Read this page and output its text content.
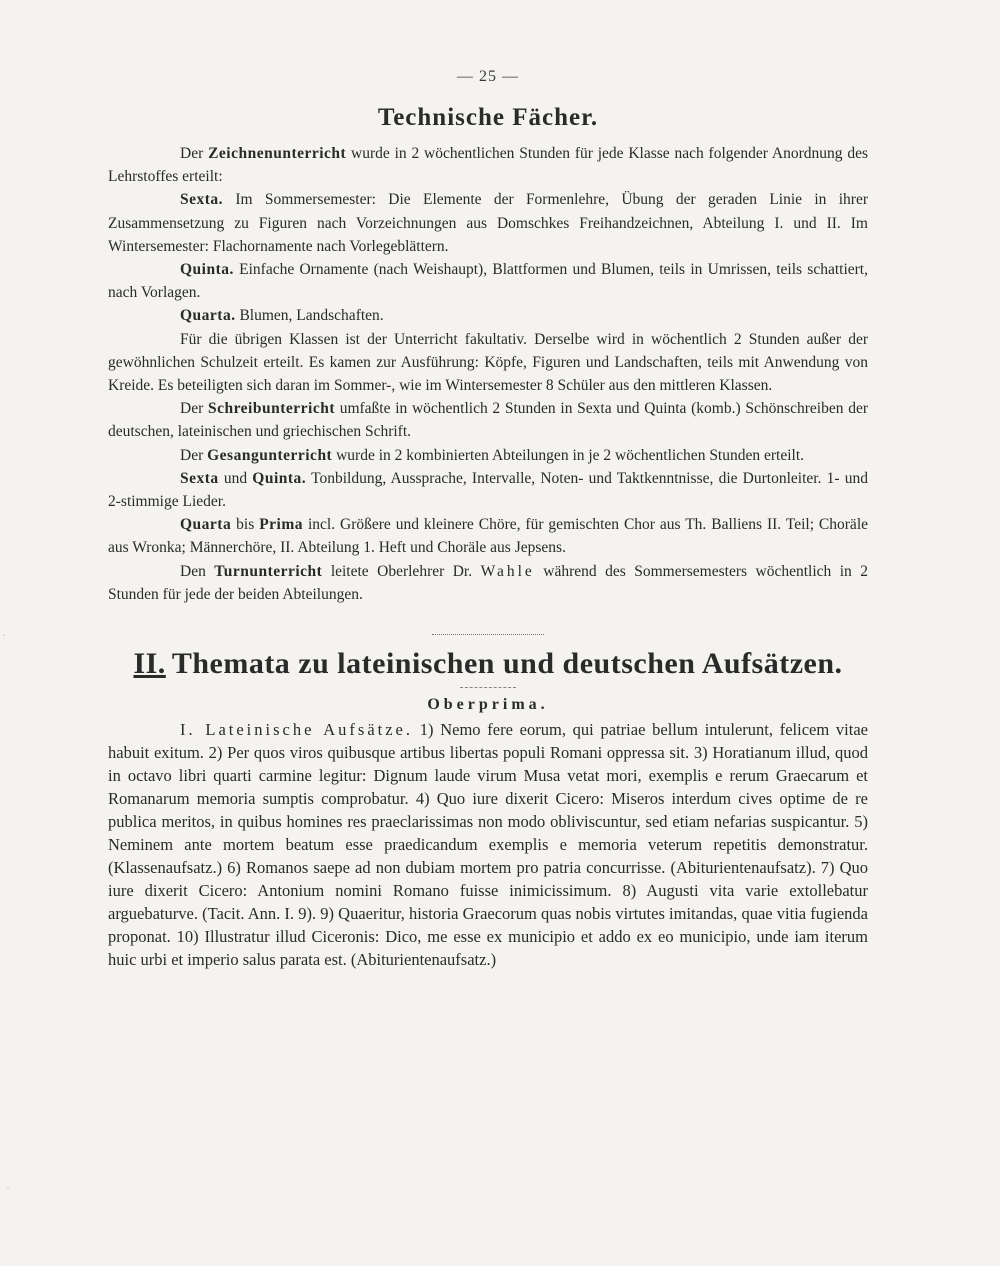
— 25 —
Technische Fächer.

Der Zeichnenunterricht wurde in 2 wöchentlichen Stunden für jede Klasse nach folgender Anordnung des Lehrstoffes erteilt:

Sexta. Im Sommersemester: Die Elemente der Formenlehre, Übung der geraden Linie in ihrer Zusammensetzung zu Figuren nach Vorzeichnungen aus Domschkes Freihandzeichnen, Abteilung I. und II. Im Wintersemester: Flachornamente nach Vorlegeblättern.

Quinta. Einfache Ornamente (nach Weishaupt), Blattformen und Blumen, teils in Umrissen, teils schattiert, nach Vorlagen.

Quarta. Blumen, Landschaften.

Für die übrigen Klassen ist der Unterricht fakultativ. Derselbe wird in wöchentlich 2 Stunden außer der gewöhnlichen Schulzeit erteilt. Es kamen zur Ausführung: Köpfe, Figuren und Landschaften, teils mit Anwendung von Kreide. Es beteiligten sich daran im Sommer-, wie im Wintersemester 8 Schüler aus den mittleren Klassen.

Der Schreibunterricht umfaßte in wöchentlich 2 Stunden in Sexta und Quinta (komb.) Schönschreiben der deutschen, lateinischen und griechischen Schrift.

Der Gesangunterricht wurde in 2 kombinierten Abteilungen in je 2 wöchentlichen Stunden erteilt.

Sexta und Quinta. Tonbildung, Aussprache, Intervalle, Noten- und Taktkenntnisse, die Durtonleiter. 1- und 2-stimmige Lieder.

Quarta bis Prima incl. Größere und kleinere Chöre, für gemischten Chor aus Th. Balliens II. Teil; Choräle aus Wronka; Männerchöre, II. Abteilung 1. Heft und Choräle aus Jepsens.

Den Turnunterricht leitete Oberlehrer Dr. Wahle während des Sommersemesters wöchentlich in 2 Stunden für jede der beiden Abteilungen.

II. Themata zu lateinischen und deutschen Aufsätzen.
Oberprima.

I. Lateinische Aufsätze. 1) Nemo fere eorum, qui patriae bellum intulerunt, felicem vitae habuit exitum. 2) Per quos viros quibusque artibus libertas populi Romani oppressa sit. 3) Horatianum illud, quod in octavo libri quarti carmine legitur: Dignum laude virum Musa vetat mori, exemplis e rerum Graecarum et Romanarum memoria sumptis comprobatur. 4) Quo iure dixerit Cicero: Miseros interdum cives optime de re publica meritos, in quibus homines res praeclarissimas non modo obliviscuntur, sed etiam nefarias suspicantur. 5) Neminem ante mortem beatum esse praedicandum exemplis e memoria veterum repetitis demonstratur. (Klassenaufsatz.) 6) Romanos saepe ad non dubiam mortem pro patria concurrisse. (Abiturientenaufsatz). 7) Quo iure dixerit Cicero: Antonium nomini Romano fuisse inimicissimum. 8) Augusti vita varie extollebatur arguebaturve. (Tacit. Ann. I. 9). 9) Quaeritur, historia Graecorum quas nobis virtutes imitandas, quae vitia fugienda proponat. 10) Illustratur illud Ciceronis: Dico, me esse ex municipio et addo ex eo municipio, unde iam iterum huic urbi et imperio salus parata est. (Abiturientenaufsatz.)

·
·
